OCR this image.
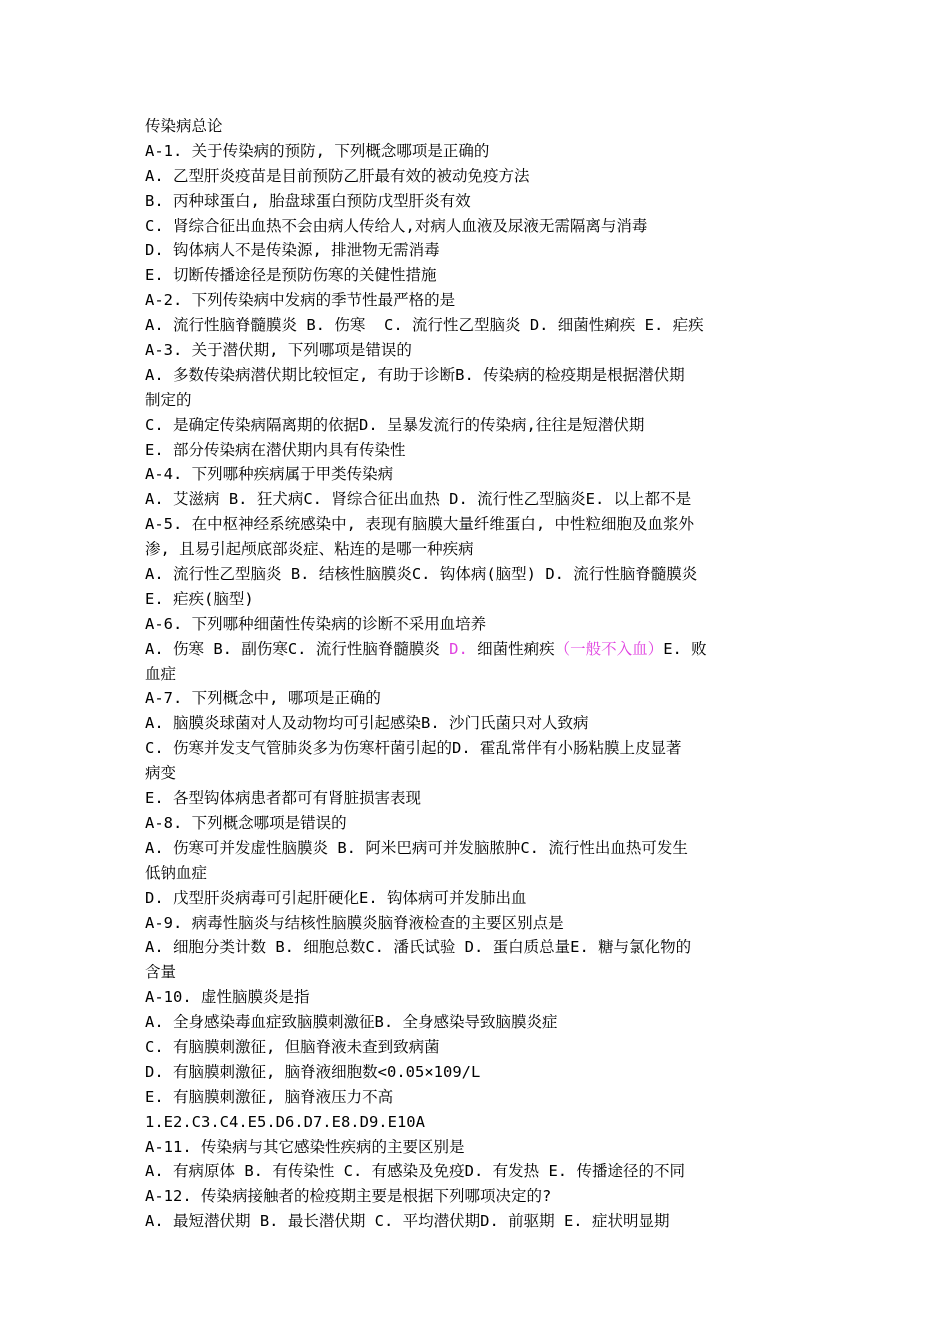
传染病总论
A-1. 关于传染病的预防, 下列概念哪项是正确的
A. 乙型肝炎疫苗是目前预防乙肝最有效的被动免疫方法
B. 丙种球蛋白, 胎盘球蛋白预防戊型肝炎有效
C. 肾综合征出血热不会由病人传给人,对病人血液及尿液无需隔离与消毒
D. 钩体病人不是传染源, 排泄物无需消毒
E. 切断传播途径是预防伤寒的关健性措施
A-2. 下列传染病中发病的季节性最严格的是
A. 流行性脑脊髓膜炎 B. 伤寒  C. 流行性乙型脑炎 D. 细菌性痢疾 E. 疟疾
A-3. 关于潜伏期, 下列哪项是错误的
A. 多数传染病潜伏期比较恒定, 有助于诊断B. 传染病的检疫期是根据潜伏期
制定的
C. 是确定传染病隔离期的依据D. 呈暴发流行的传染病,往往是短潜伏期
E. 部分传染病在潜伏期内具有传染性
A-4. 下列哪种疾病属于甲类传染病
A. 艾滋病 B. 狂犬病C. 肾综合征出血热 D. 流行性乙型脑炎E. 以上都不是
A-5. 在中枢神经系统感染中, 表现有脑膜大量纤维蛋白, 中性粒细胞及血浆外
渗, 且易引起颅底部炎症、粘连的是哪一种疾病
A. 流行性乙型脑炎 B. 结核性脑膜炎C. 钩体病(脑型) D. 流行性脑脊髓膜炎
E. 疟疾(脑型)
A-6. 下列哪种细菌性传染病的诊断不采用血培养
A. 伤寒 B. 副伤寒C. 流行性脑脊髓膜炎 D. 细菌性痢疾（一般不入血）E. 败
血症
A-7. 下列概念中, 哪项是正确的
A. 脑膜炎球菌对人及动物均可引起感染B. 沙门氏菌只对人致病
C. 伤寒并发支气管肺炎多为伤寒杆菌引起的D. 霍乱常伴有小肠粘膜上皮显著
病变
E. 各型钩体病患者都可有肾脏损害表现
A-8. 下列概念哪项是错误的
A. 伤寒可并发虚性脑膜炎 B. 阿米巴病可并发脑脓肿C. 流行性出血热可发生
低钠血症
D. 戊型肝炎病毒可引起肝硬化E. 钩体病可并发肺出血
A-9. 病毒性脑炎与结核性脑膜炎脑脊液检查的主要区别点是
A. 细胞分类计数 B. 细胞总数C. 潘氏试验 D. 蛋白质总量E. 糖与氯化物的
含量
A-10. 虚性脑膜炎是指
A. 全身感染毒血症致脑膜刺激征B. 全身感染导致脑膜炎症
C. 有脑膜刺激征, 但脑脊液未查到致病菌
D. 有脑膜刺激征, 脑脊液细胞数<0.05×109/L
E. 有脑膜刺激征, 脑脊液压力不高
1.E2.C3.C4.E5.D6.D7.E8.D9.E10A
A-11. 传染病与其它感染性疾病的主要区别是
A. 有病原体 B. 有传染性 C. 有感染及免疫D. 有发热 E. 传播途径的不同
A-12. 传染病接触者的检疫期主要是根据下列哪项决定的?
A. 最短潜伏期 B. 最长潜伏期 C. 平均潜伏期D. 前驱期 E. 症状明显期
